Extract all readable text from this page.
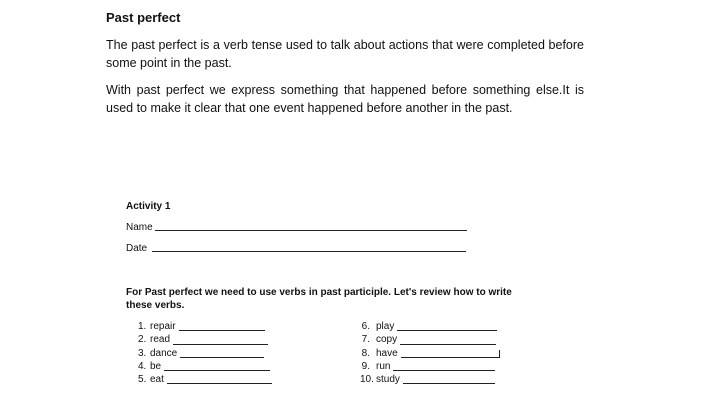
Past perfect
The past perfect is a verb tense used to talk about actions that were completed before some point in the past.
With past perfect we express something that happened before something else.It is used to make it clear that one event happened before another in the past.
Activity 1
Name
Date
For Past perfect we need to use verbs in past participle. Let's review how to write these verbs.
1. repair
2. read
3. dance
4. be
5. eat
6. play
7. copy
8. have
9. run
10. study
